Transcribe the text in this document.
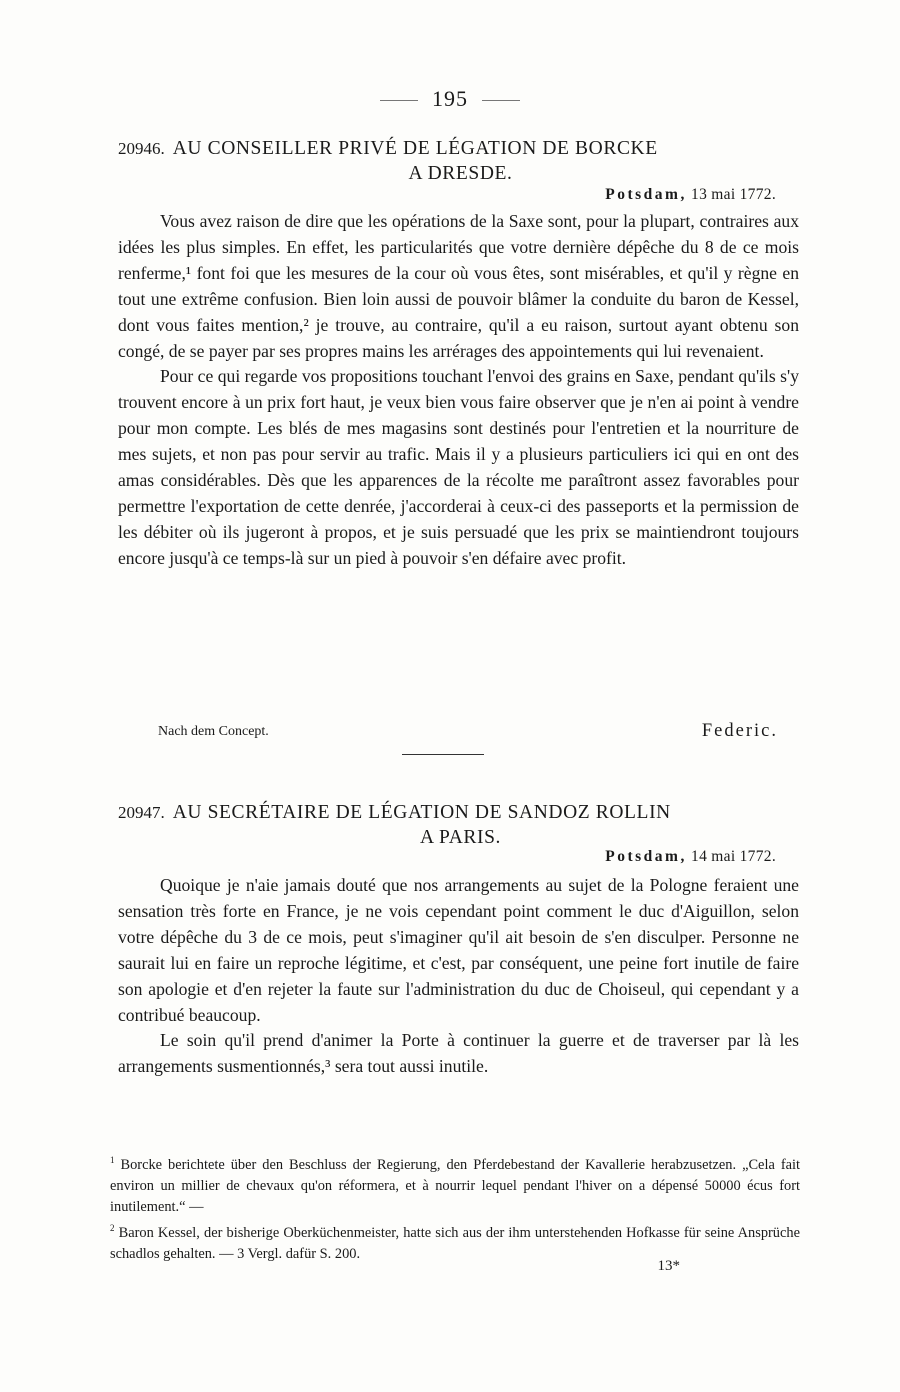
195
20946. AU CONSEILLER PRIVÉ DE LÉGATION DE BORCKE
A DRESDE.
Potsdam, 13 mai 1772.

Vous avez raison de dire que les opérations de la Saxe sont, pour la plupart, contraires aux idées les plus simples. En effet, les particularités que votre dernière dépêche du 8 de ce mois renferme,¹ font foi que les mesures de la cour où vous êtes, sont misérables, et qu'il y règne en tout une extrême confusion. Bien loin aussi de pouvoir blâmer la conduite du baron de Kessel, dont vous faites mention,² je trouve, au contraire, qu'il a eu raison, surtout ayant obtenu son congé, de se payer par ses propres mains les arrérages des appointements qui lui revenaient.

Pour ce qui regarde vos propositions touchant l'envoi des grains en Saxe, pendant qu'ils s'y trouvent encore à un prix fort haut, je veux bien vous faire observer que je n'en ai point à vendre pour mon compte. Les blés de mes magasins sont destinés pour l'entretien et la nourriture de mes sujets, et non pas pour servir au trafic. Mais il y a plusieurs particuliers ici qui en ont des amas considérables. Dès que les apparences de la récolte me paraîtront assez favorables pour permettre l'exportation de cette denrée, j'accorderai à ceux-ci des passeports et la permission de les débiter où ils jugeront à propos, et je suis persuadé que les prix se maintiendront toujours encore jusqu'à ce temps-là sur un pied à pouvoir s'en défaire avec profit.

Nach dem Concept.	Federic.
20947. AU SECRÉTAIRE DE LÉGATION DE SANDOZ ROLLIN
A PARIS.
Potsdam, 14 mai 1772.

Quoique je n'aie jamais douté que nos arrangements au sujet de la Pologne feraient une sensation très forte en France, je ne vois cependant point comment le duc d'Aiguillon, selon votre dépêche du 3 de ce mois, peut s'imaginer qu'il ait besoin de s'en disculper. Personne ne saurait lui en faire un reproche légitime, et c'est, par conséquent, une peine fort inutile de faire son apologie et d'en rejeter la faute sur l'administration du duc de Choiseul, qui cependant y a contribué beaucoup.

Le soin qu'il prend d'animer la Porte à continuer la guerre et de traverser par là les arrangements susmentionnés,³ sera tout aussi inutile.

$^1$ Borcke berichtete über den Beschluss der Regierung, den Pferdebestand der Kavallerie herabzusetzen. „Cela fait environ un millier de chevaux qu'on réformera, et à nourrir lequel pendant l'hiver on a dépensé 50000 écus fort inutilement.“ —

$^2$ Baron Kessel, der bisherige Oberküchenmeister, hatte sich aus der ihm unterstehenden Hofkasse für seine Ansprüche schadlos gehalten. — 3 Vergl. dafür S. 200.

13*
